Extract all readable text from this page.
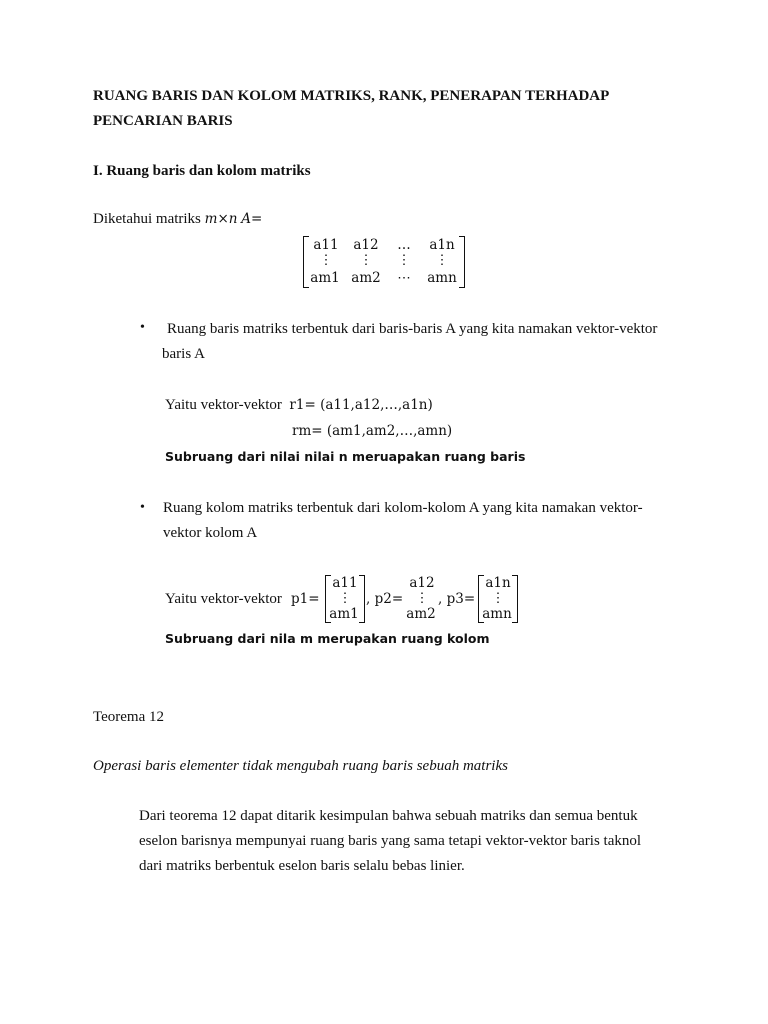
RUANG BARIS DAN KOLOM MATRIKS, RANK, PENERAPAN TERHADAP
PENCARIAN BARIS
I. Ruang baris dan kolom matriks
Diketahui matriks m×n A=
a11	a12	…	a1n
⋮	⋮	⋮	⋮
am1 am2	⋯	amn
• Ruang baris matriks terbentuk dari baris-baris A yang kita namakan vektor-vektor
baris A
Yaitu vektor-vektor r1= (a11,a12,…,a1n)
rm= (am1,am2,…,amn)
Subruang dari nilai nilai n meruapakan ruang baris
• Ruang kolom matriks terbentuk dari kolom-kolom A yang kita namakan vektor-
vektor kolom A
Yaitu vektor-vektor p1=
a11
⋮
am1
, p2=
a12
⋮
am2
, p3=
a1n
⋮
amn
Subruang dari nila m merupakan ruang kolom
Teorema 12
Operasi baris elementer tidak mengubah ruang baris sebuah matriks
Dari teorema 12 dapat ditarik kesimpulan bahwa sebuah matriks dan semua bentuk
eselon barisnya mempunyai ruang baris yang sama tetapi vektor-vektor baris taknol
dari matriks berbentuk eselon baris selalu bebas linier.
